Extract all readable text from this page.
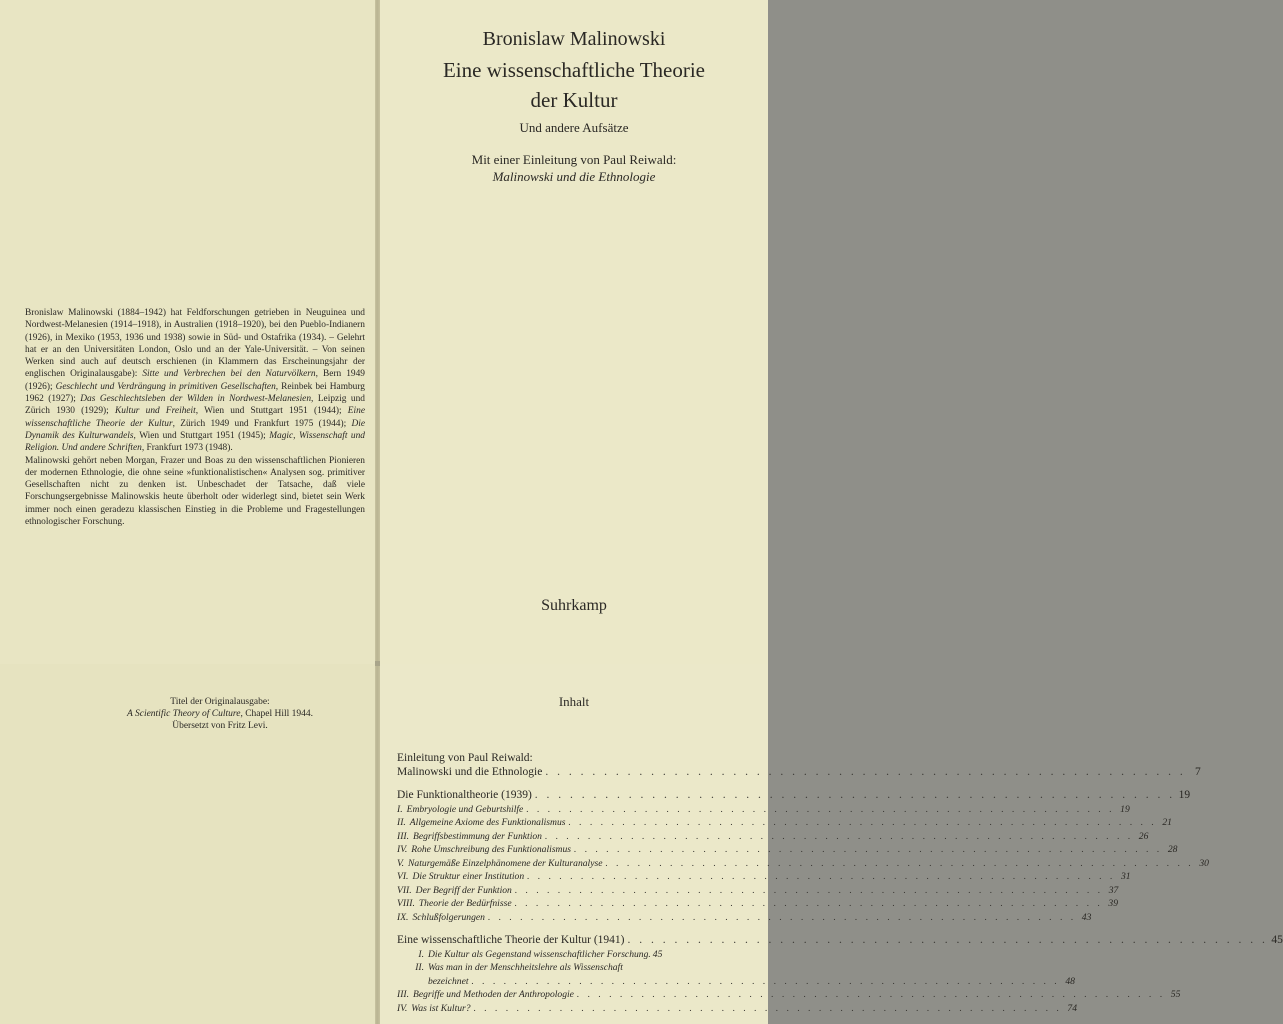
Bronislaw Malinowski (1884–1942) hat Feldforschungen getrieben in Neuguinea und Nordwest-Melanesien (1914–1918), in Australien (1918–1920), bei den Pueblo-Indianern (1926), in Mexiko (1953, 1936 und 1938) sowie in Süd- und Ostafrika (1934). – Gelehrt hat er an den Universitäten London, Oslo und an der Yale-Universität. – Von seinen Werken sind auch auf deutsch erschienen (in Klammern das Erscheinungsjahr der englischen Originalausgabe): Sitte und Verbrechen bei den Naturvölkern, Bern 1949 (1926); Geschlecht und Verdrängung in primitiven Gesellschaften, Reinbek bei Hamburg 1962 (1927); Das Geschlechtsleben der Wilden in Nordwest-Melanesien, Leipzig und Zürich 1930 (1929); Kultur und Freiheit, Wien und Stuttgart 1951 (1944); Eine wissenschaftliche Theorie der Kultur, Zürich 1949 und Frankfurt 1975 (1944); Die Dynamik des Kulturwandels, Wien und Stuttgart 1951 (1945); Magic, Wissenschaft und Religion. Und andere Schriften, Frankfurt 1973 (1948).

Malinowski gehört neben Morgan, Frazer und Boas zu den wissenschaftlichen Pionieren der modernen Ethnologie, die ohne seine »funktionalistischen« Analysen sog. primitiver Gesellschaften nicht zu denken ist. Unbeschadet der Tatsache, daß viele Forschungsergebnisse Malinowskis heute überholt oder widerlegt sind, bietet sein Werk immer noch einen geradezu klassischen Einstieg in die Probleme und Fragestellungen ethnologischer Forschung.

Bronislaw Malinowski
Eine wissenschaftliche Theorie
der Kultur
Und andere Aufsätze
Mit einer Einleitung von Paul Reiwald:
Malinowski und die Ethnologie
Suhrkamp
Titel der Originalausgabe:
A Scientific Theory of Culture, Chapel Hill 1944.
Übersetzt von Fritz Levi.
Inhalt
Einleitung von Paul Reiwald:
Malinowski und die Ethnologie . . .	7
Die Funktionaltheorie (1939) . . .	19
I. Embryologie und Geburtshilfe . . .	19
II. Allgemeine Axiome des Funktionalismus . . .	21
III. Begriffsbestimmung der Funktion . . .	26
IV. Rohe Umschreibung des Funktionalismus . . .	28
V. Naturgemäße Einzelphänomene der Kulturanalyse . . .	30
VI. Die Struktur einer Institution . . .	31
VII. Der Begriff der Funktion . . .	37
VIII. Theorie der Bedürfnisse . . .	39
IX. Schlußfolgerungen . . .	43
Eine wissenschaftliche Theorie der Kultur (1941) . . .	45
I. Die Kultur als Gegenstand wissenschaftlicher Forschung . . . 45
II. Was man in der Menschheitslehre als Wissenschaft
bezeichnet . . .	48
III. Begriffe und Methoden der Anthropologie . . .	55
IV. Was ist Kultur? . . .	74
